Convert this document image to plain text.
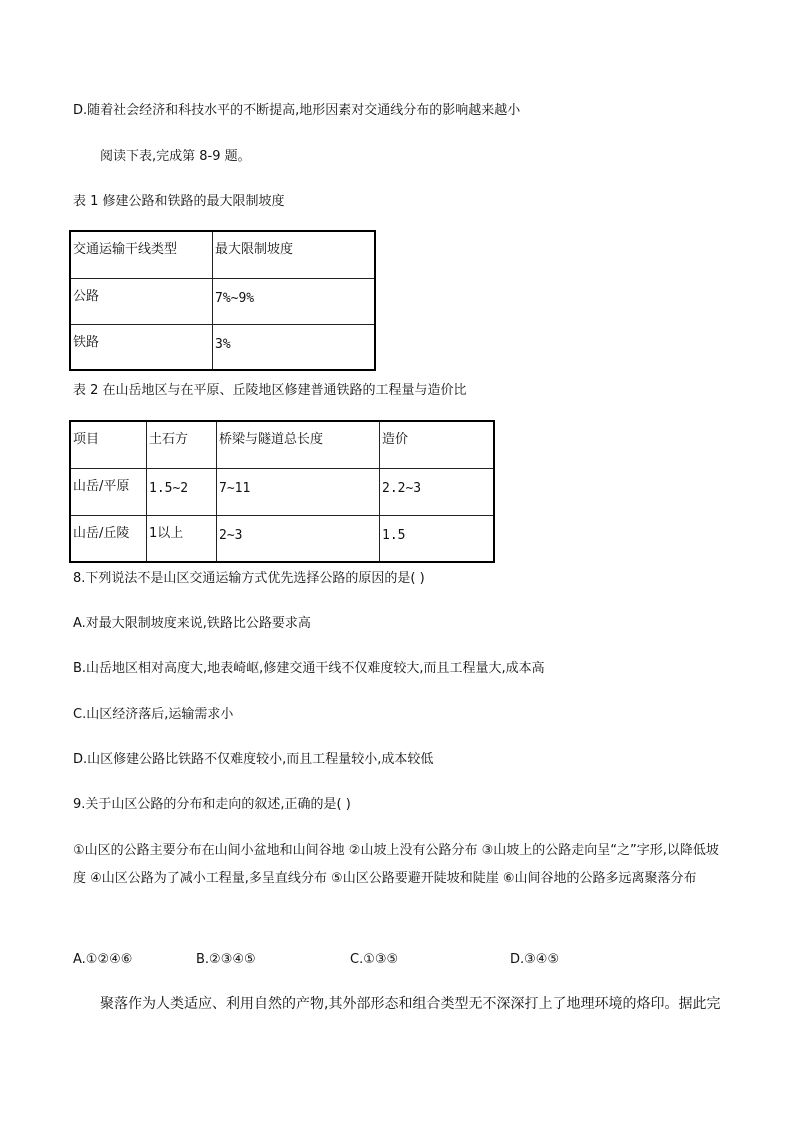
D.随着社会经济和科技水平的不断提高,地形因素对交通线分布的影响越来越小
阅读下表,完成第 8-9 题。
表 1 修建公路和铁路的最大限制坡度
交通运输干线类型	最大限制坡度
公路	7%~9%
铁路	3%
表 2 在山岳地区与在平原、丘陵地区修建普通铁路的工程量与造价比
项目	土石方	桥梁与隧道总长度	造价
山岳/平原	1.5~2	7~11	2.2~3
山岳/丘陵	1以上	2~3	1.5
8.下列说法不是山区交通运输方式优先选择公路的原因的是( )
A.对最大限制坡度来说,铁路比公路要求高
B.山岳地区相对高度大,地表崎岖,修建交通干线不仅难度较大,而且工程量大,成本高
C.山区经济落后,运输需求小
D.山区修建公路比铁路不仅难度较小,而且工程量较小,成本较低
9.关于山区公路的分布和走向的叙述,正确的是( )
①山区的公路主要分布在山间小盆地和山间谷地 ②山坡上没有公路分布 ③山坡上的公路走向呈“之”字形,以降低坡度 ④山区公路为了减小工程量,多呈直线分布 ⑤山区公路要避开陡坡和陡崖 ⑥山间谷地的公路多远离聚落分布
A.①②④⑥	B.②③④⑤	C.①③⑤	D.③④⑤
聚落作为人类适应、利用自然的产物,其外部形态和组合类型无不深深打上了地理环境的烙印。据此完
